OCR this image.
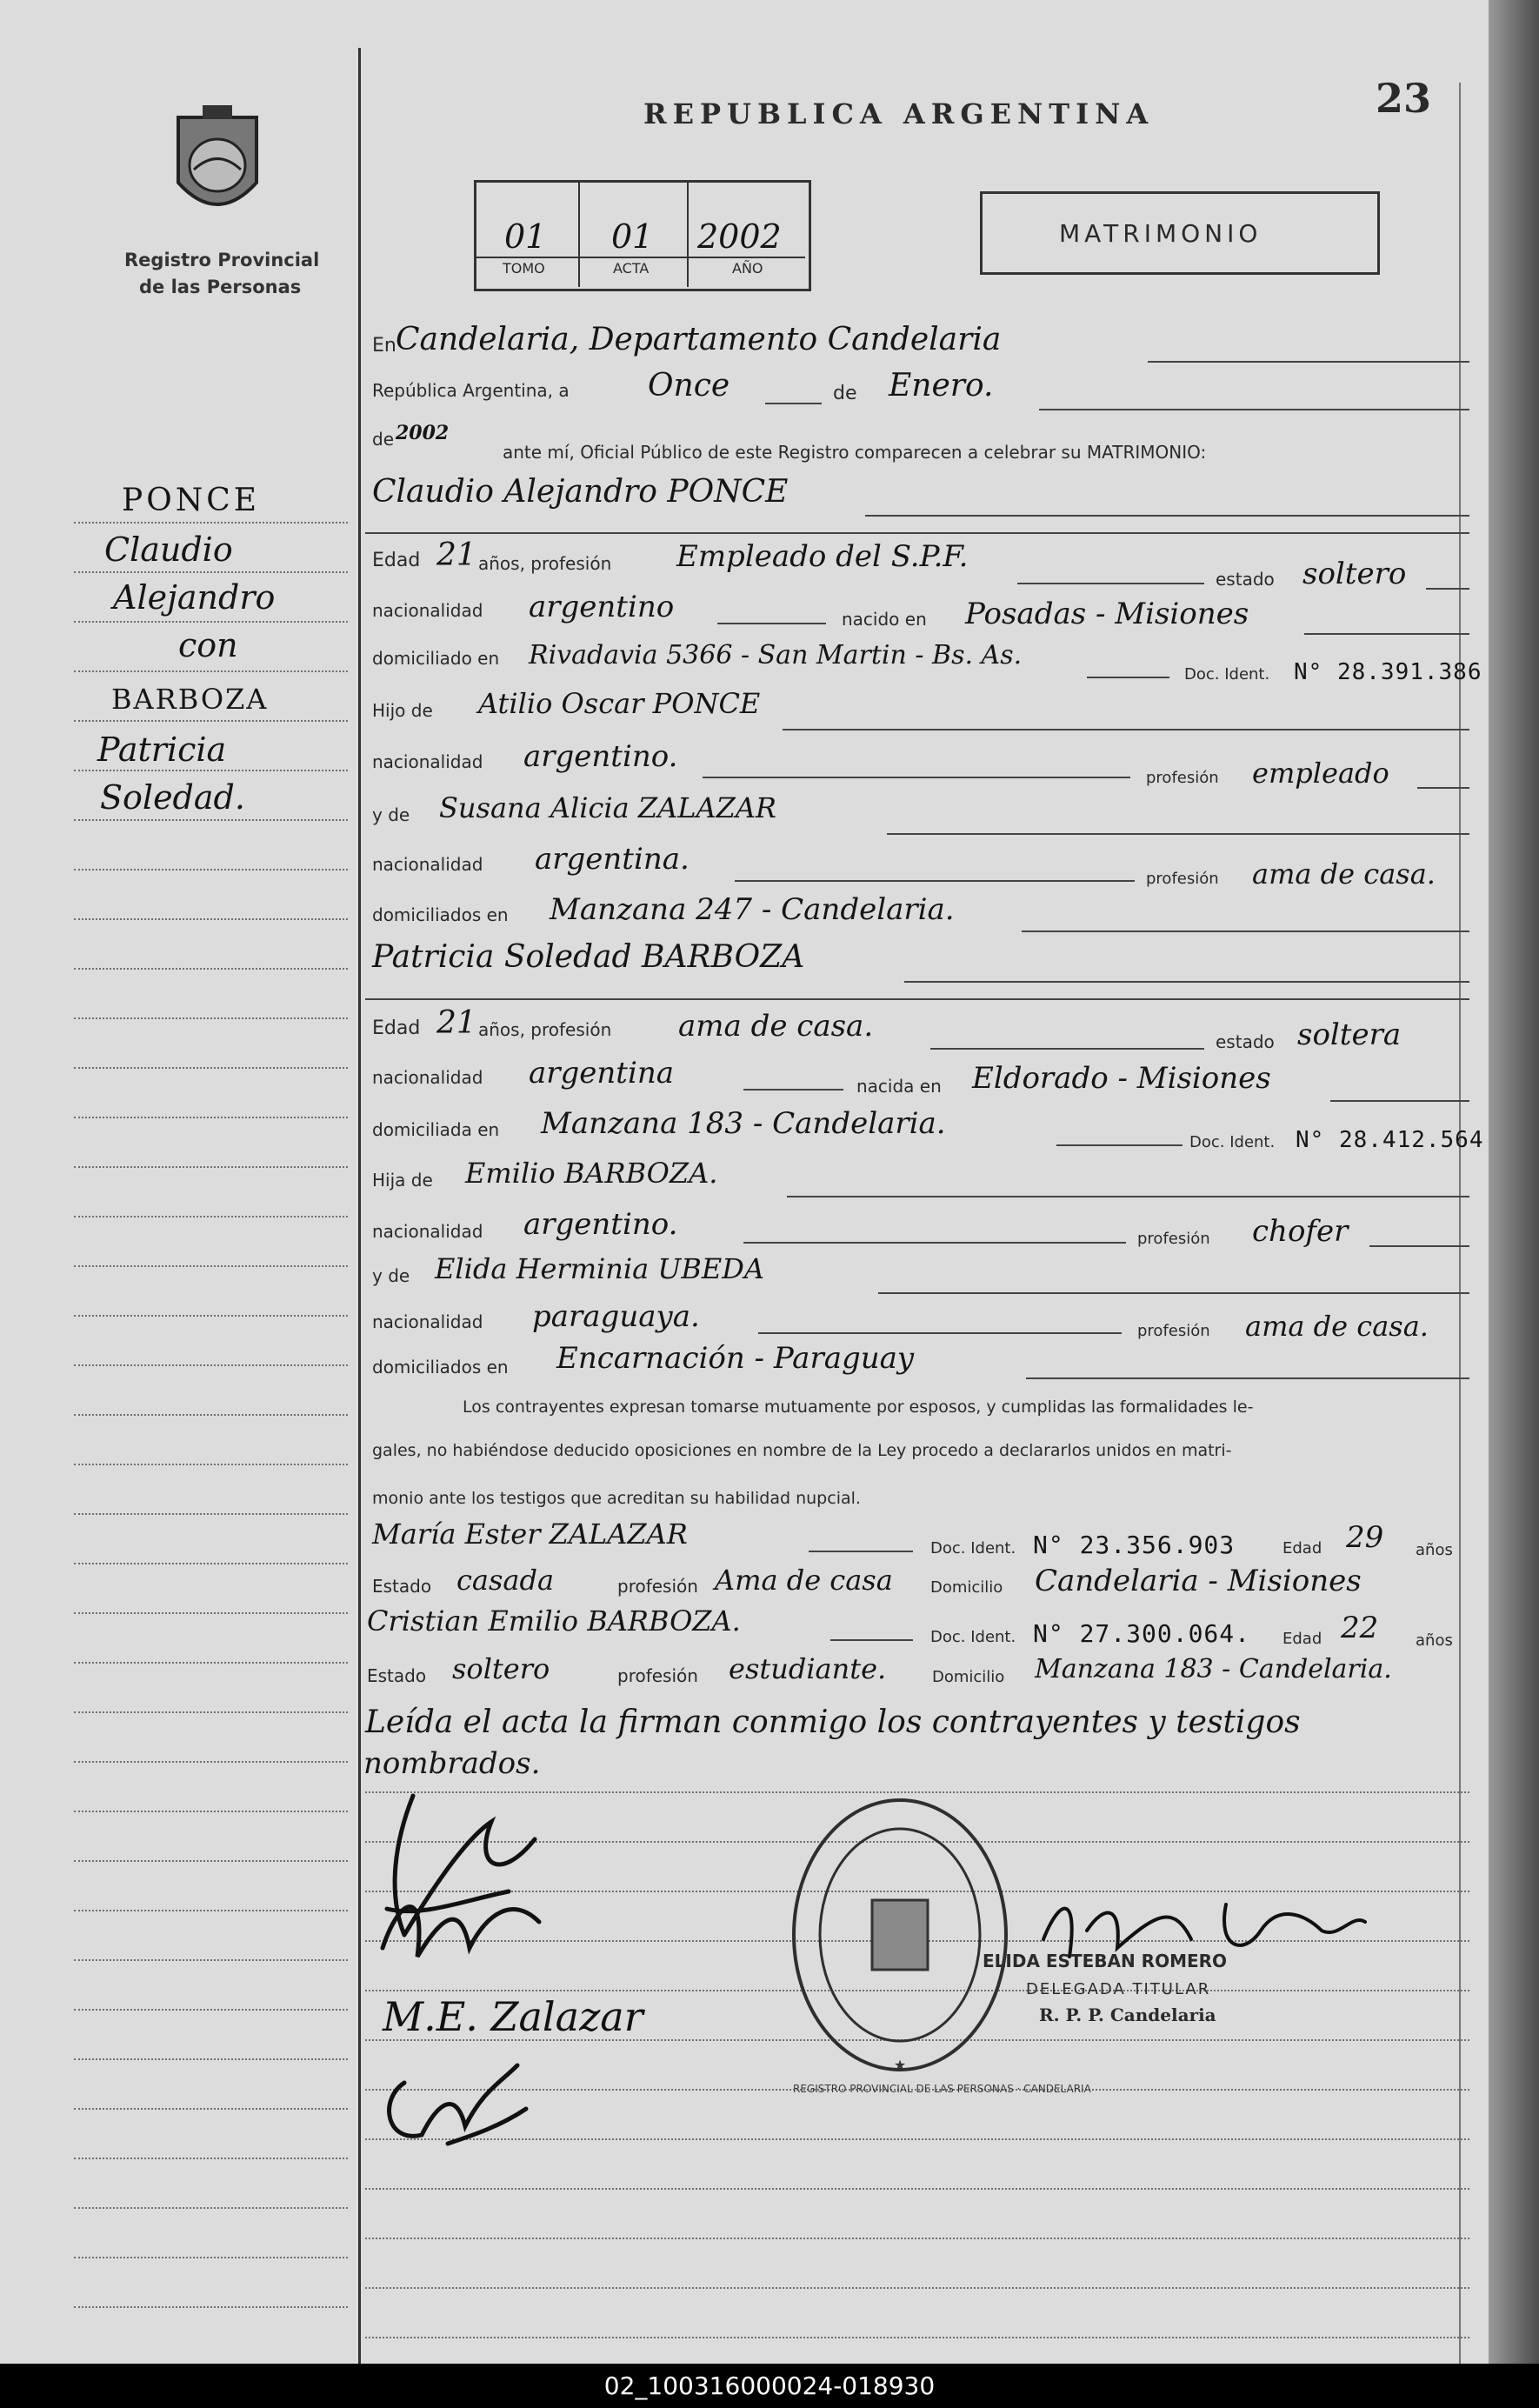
Registro Provincial
de las Personas
REPUBLICA ARGENTINA	23
01
TOMO
01
ACTA
2002
AÑO
MATRIMONIO
PONCE
Claudio
Alejandro
con
BARBOZA
Patricia
Soledad.
En Candelaria, Departamento Candelaria
República Argentina, a	Once	de Enero.
de 2002
ante mí, Oficial Público de este Registro comparecen a celebrar su MATRIMONIO:
Claudio Alejandro PONCE
Edad 21 años, profesión Empleado del S.P.F.
estado soltero
nacionalidad argentino	nacido en Posadas - Misiones
domiciliado en Rivadavia 5366 - San Martin - Bs. As.
Doc. Ident. N° 28.391.386
Hijo de Atilio Oscar PONCE
nacionalidad argentino.
profesión empleado
y de Susana Alicia ZALAZAR
nacionalidad argentina.
profesión ama de casa.
domiciliados en Manzana 247 - Candelaria.
Patricia Soledad BARBOZA
Edad 21 años, profesión ama de casa.	estado soltera
nacionalidad argentina	nacida en Eldorado - Misiones
domiciliada en Manzana 183 - Candelaria.
Doc. Ident. N° 28.412.564
Hija de Emilio BARBOZA.
nacionalidad argentino.	profesión chofer
y de Elida Herminia UBEDA
nacionalidad paraguaya.	profesión ama de casa.
domiciliados en Encarnación - Paraguay
Los contrayentes expresan tomarse mutuamente por esposos, y cumplidas las formalidades le-
gales, no habiéndose deducido oposiciones en nombre de la Ley procedo a declararlos unidos en matri-
monio ante los testigos que acreditan su habilidad nupcial.
María Ester ZALAZAR	Doc. Ident. N° 23.356.903	Edad 29 años
Estado casada	profesión Ama de casa Domicilio Candelaria - Misiones
Cristian Emilio BARBOZA.	Doc. Ident. N° 27.300.064. Edad 22 años
Estado soltero	profesión estudiante.	Domicilio Manzana 183 - Candelaria.
Leída el acta la firman conmigo los contrayentes y testigos
nombrados.
M.E. Zalazar
★
REGISTRO PROVINCIAL DE LAS PERSONAS · CANDELARIA
ELIDA ESTEBAN ROMERO
DELEGADA TITULAR
R. P. P. Candelaria
02_100316000024-018930
